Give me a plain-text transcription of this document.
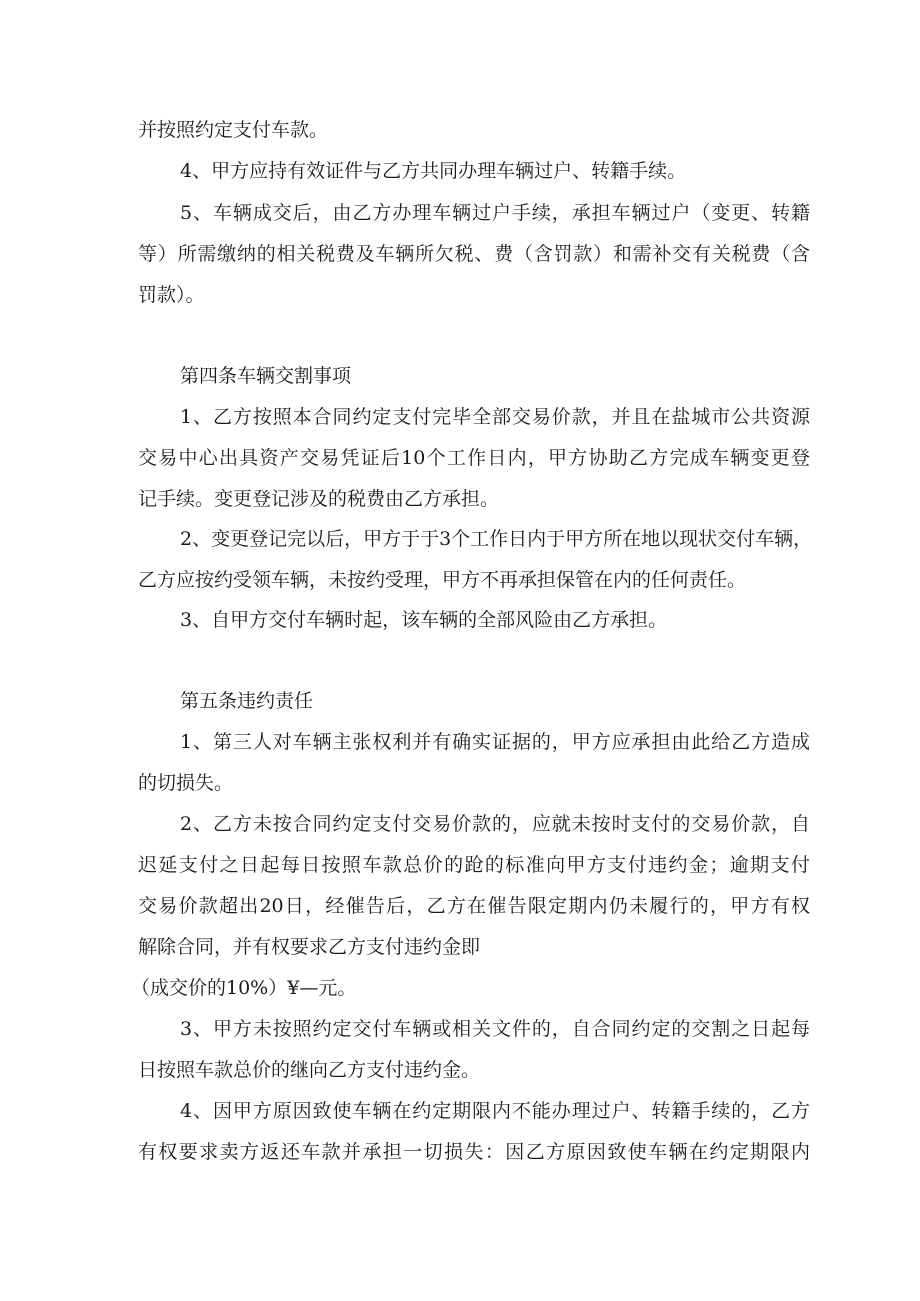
并按照约定支付车款。
4、甲方应持有效证件与乙方共同办理车辆过户、转籍手续。
5、车辆成交后，由乙方办理车辆过户手续，承担车辆过户（变更、转籍
等）所需缴纳的相关税费及车辆所欠税、费（含罚款）和需补交有关税费（含
罚款）。
第四条车辆交割事项
1、乙方按照本合同约定支付完毕全部交易价款，并且在盐城市公共资源
交易中心出具资产交易凭证后10个工作日内，甲方协助乙方完成车辆变更登
记手续。变更登记涉及的税费由乙方承担。
2、变更登记完以后，甲方于于3个工作日内于甲方所在地以现状交付车辆，
乙方应按约受领车辆，未按约受理，甲方不再承担保管在内的任何责任。
3、自甲方交付车辆时起，该车辆的全部风险由乙方承担。
第五条违约责任
1、第三人对车辆主张权利并有确实证据的，甲方应承担由此给乙方造成
的切损失。
2、乙方未按合同约定支付交易价款的，应就未按时支付的交易价款，自
迟延支付之日起每日按照车款总价的跄的标准向甲方支付违约金；逾期支付
交易价款超出20日，经催告后，乙方在催告限定期内仍未履行的，甲方有权
解除合同，并有权要求乙方支付违约金即
（成交价的10%）¥—元。
3、甲方未按照约定交付车辆或相关文件的，自合同约定的交割之日起每
日按照车款总价的继向乙方支付违约金。
4、因甲方原因致使车辆在约定期限内不能办理过户、转籍手续的，乙方
有权要求卖方返还车款并承担一切损失：因乙方原因致使车辆在约定期限内
